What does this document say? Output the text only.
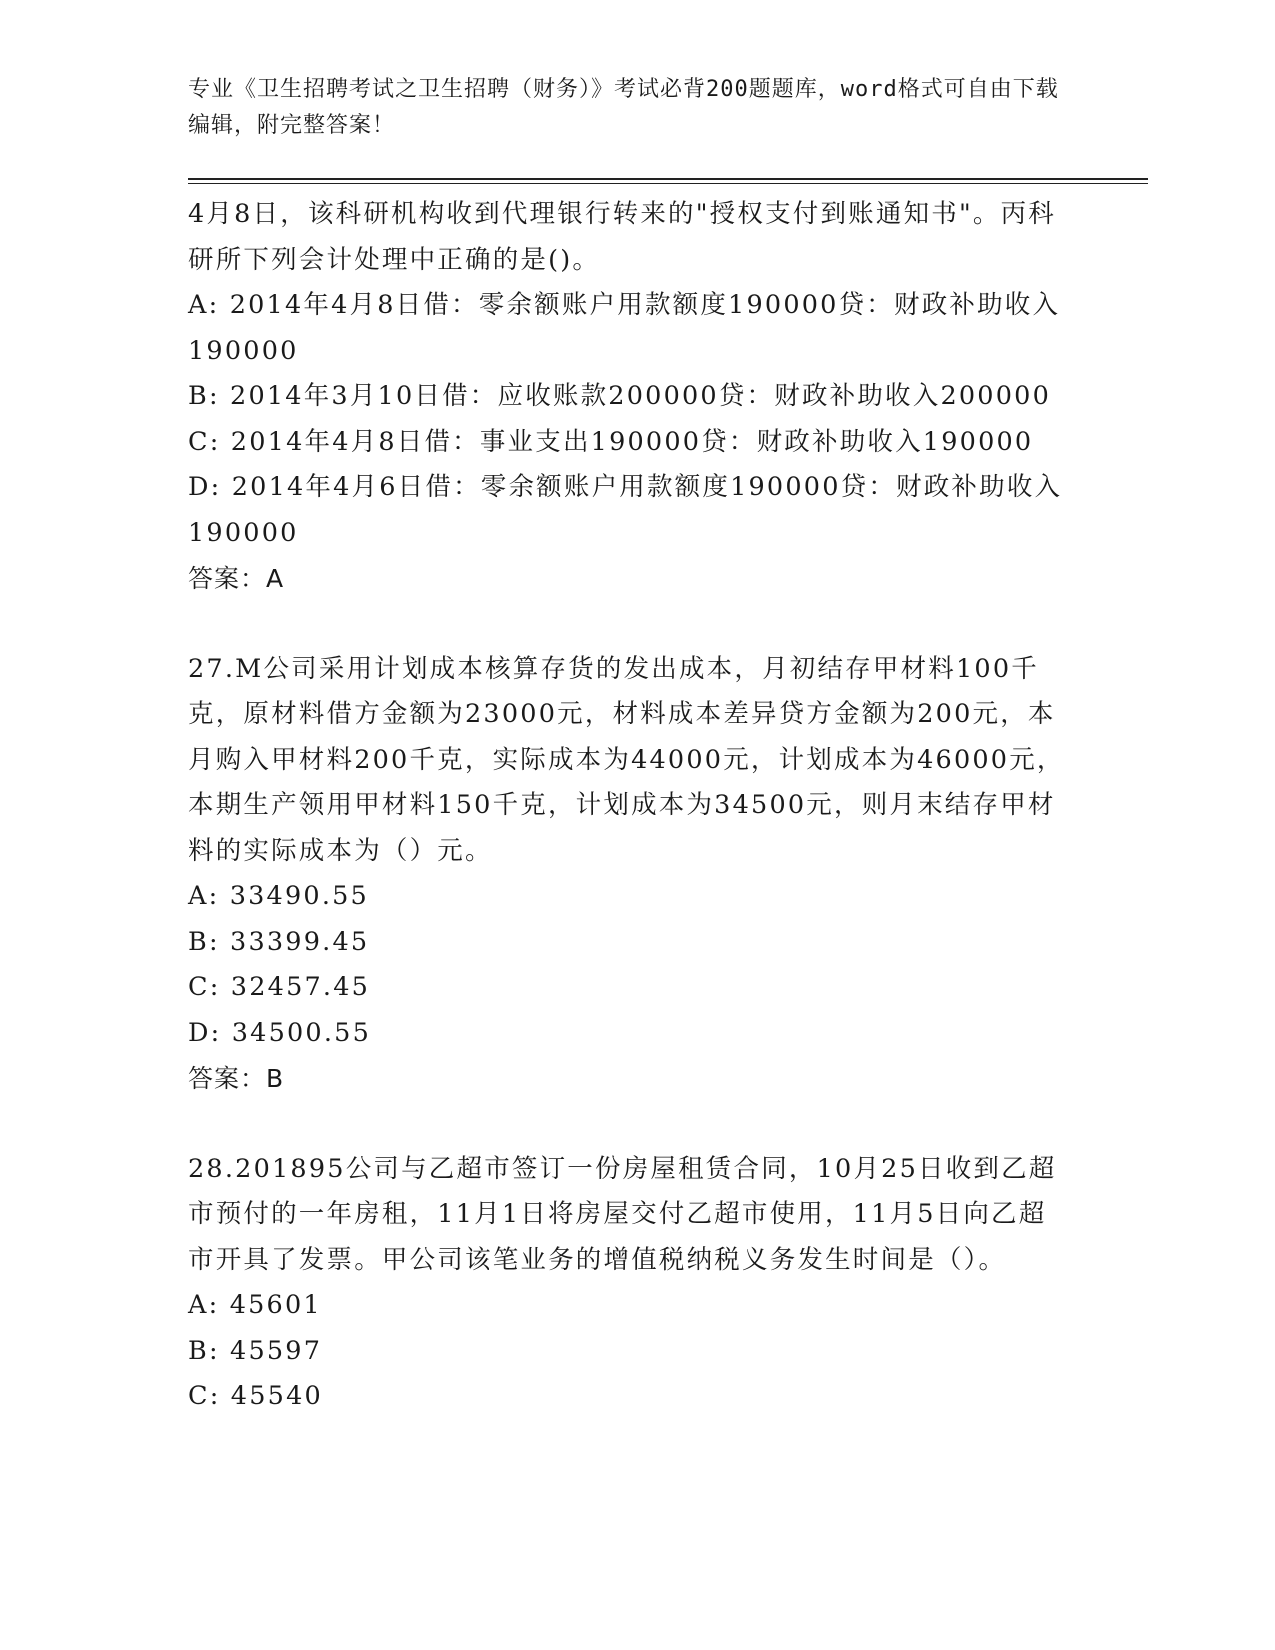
专业《卫生招聘考试之卫生招聘（财务）》考试必背200题题库，word格式可自由下载编辑，附完整答案！

4月8日，该科研机构收到代理银行转来的"授权支付到账通知书"。丙科研所下列会计处理中正确的是()。

A: 2014年4月8日借：零余额账户用款额度190000贷：财政补助收入190000

B: 2014年3月10日借：应收账款200000贷：财政补助收入200000

C: 2014年4月8日借：事业支出190000贷：财政补助收入190000

D: 2014年4月6日借：零余额账户用款额度190000贷：财政补助收入190000

答案：A

27.M公司采用计划成本核算存货的发出成本，月初结存甲材料100千克，原材料借方金额为23000元，材料成本差异贷方金额为200元，本月购入甲材料200千克，实际成本为44000元，计划成本为46000元，本期生产领用甲材料150千克，计划成本为34500元，则月末结存甲材料的实际成本为（）元。

A: 33490.55

B: 33399.45

C: 32457.45

D: 34500.55

答案：B

28.201895公司与乙超市签订一份房屋租赁合同，10月25日收到乙超市预付的一年房租，11月1日将房屋交付乙超市使用，11月5日向乙超市开具了发票。甲公司该笔业务的增值税纳税义务发生时间是（）。

A: 45601

B: 45597

C: 45540
